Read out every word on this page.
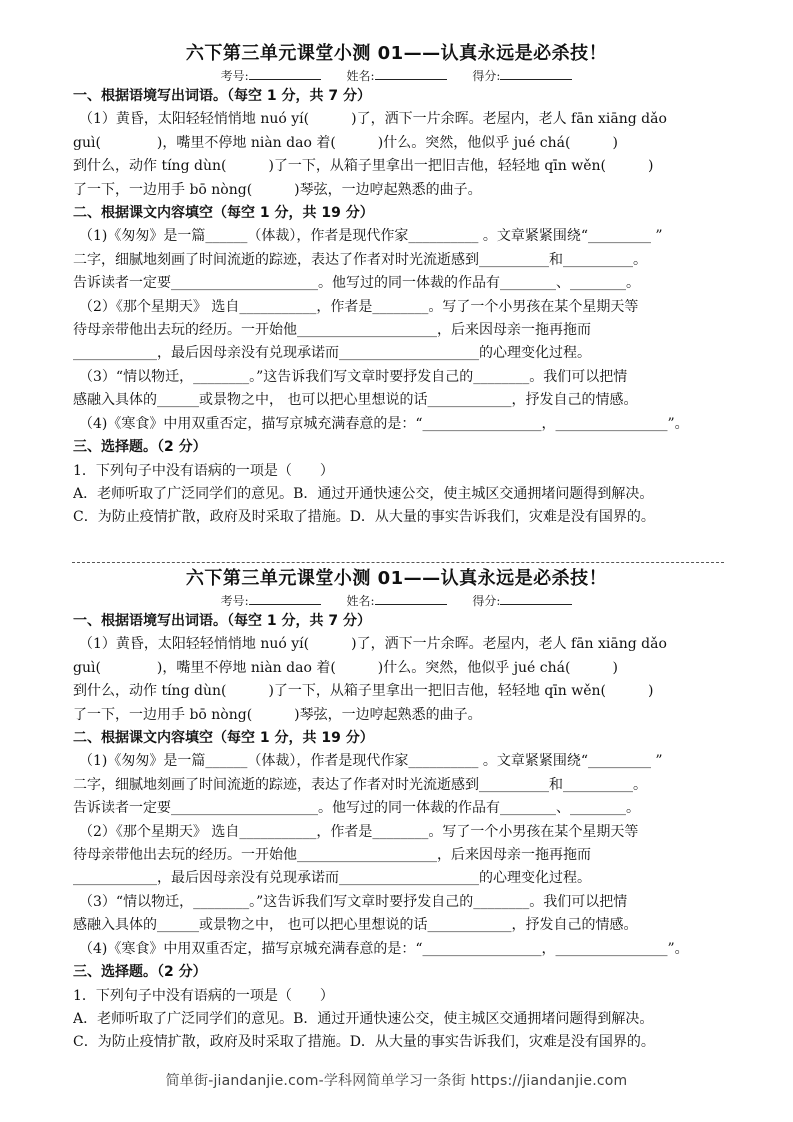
六下第三单元课堂小测 01——认真永远是必杀技！
考号:	姓名:	得分:
一、根据语境写出词语。（每空 1 分，共 7 分）
（1）黄昏，太阳轻轻悄悄地 nuó yí(　　　)了，洒下一片余晖。老屋内，老人 fān xiāng dǎo
guì(　　　　)，嘴里不停地 niàn dao 着(　　　)什么。突然，他似乎 jué chá(　　　)
到什么，动作 tíng dùn(　　　)了一下，从箱子里拿出一把旧吉他，轻轻地 qīn wěn(　　　)
了一下，一边用手 bō nòng(　　　)琴弦，一边哼起熟悉的曲子。
二、根据课文内容填空（每空 1 分，共 19 分）
（1)《匆匆》是一篇______（体裁），作者是现代作家__________ 。文章紧紧围绕“_________ ”
二字，细腻地刻画了时间流逝的踪迹，表达了作者对时光流逝感到__________和__________。
告诉读者一定要_____________________。他写过的同一体裁的作品有________、________。
（2）《那个星期天》 选自___________，作者是________。写了一个小男孩在某个星期天等
待母亲带他出去玩的经历。一开始他____________________，后来因母亲一拖再拖而
____________，最后因母亲没有兑现承诺而____________________的心理变化过程。
（3）“情以物迁，________。”这告诉我们写文章时要抒发自己的________。我们可以把情
感融入具体的______或景物之中， 也可以把心里想说的话____________，抒发自己的情感。
（4)《寒食》中用双重否定，描写京城充满春意的是：“_________________，________________”。
三、选择题。（2 分）
1．下列句子中没有语病的一项是（　　）
A．老师听取了广泛同学们的意见。B．通过开通快速公交，使主城区交通拥堵问题得到解决。
C．为防止疫情扩散，政府及时采取了措施。D．从大量的事实告诉我们，灾难是没有国界的。
六下第三单元课堂小测 01——认真永远是必杀技！
考号:	姓名:	得分:
一、根据语境写出词语。（每空 1 分，共 7 分）
（1）黄昏，太阳轻轻悄悄地 nuó yí(　　　)了，洒下一片余晖。老屋内，老人 fān xiāng dǎo
guì(　　　　)，嘴里不停地 niàn dao 着(　　　)什么。突然，他似乎 jué chá(　　　)
到什么，动作 tíng dùn(　　　)了一下，从箱子里拿出一把旧吉他，轻轻地 qīn wěn(　　　)
了一下，一边用手 bō nòng(　　　)琴弦，一边哼起熟悉的曲子。
二、根据课文内容填空（每空 1 分，共 19 分）
（1)《匆匆》是一篇______（体裁），作者是现代作家__________ 。文章紧紧围绕“_________ ”
二字，细腻地刻画了时间流逝的踪迹，表达了作者对时光流逝感到__________和__________。
告诉读者一定要_____________________。他写过的同一体裁的作品有________、________。
（2）《那个星期天》 选自___________，作者是________。写了一个小男孩在某个星期天等
待母亲带他出去玩的经历。一开始他____________________，后来因母亲一拖再拖而
____________，最后因母亲没有兑现承诺而____________________的心理变化过程。
（3）“情以物迁，________。”这告诉我们写文章时要抒发自己的________。我们可以把情
感融入具体的______或景物之中， 也可以把心里想说的话____________，抒发自己的情感。
（4)《寒食》中用双重否定，描写京城充满春意的是：“_________________，________________”。
三、选择题。（2 分）
1．下列句子中没有语病的一项是（　　）
A．老师听取了广泛同学们的意见。B．通过开通快速公交，使主城区交通拥堵问题得到解决。
C．为防止疫情扩散，政府及时采取了措施。D．从大量的事实告诉我们，灾难是没有国界的。
简单街-jiandanjie.com-学科网简单学习一条街 https://jiandanjie.com
